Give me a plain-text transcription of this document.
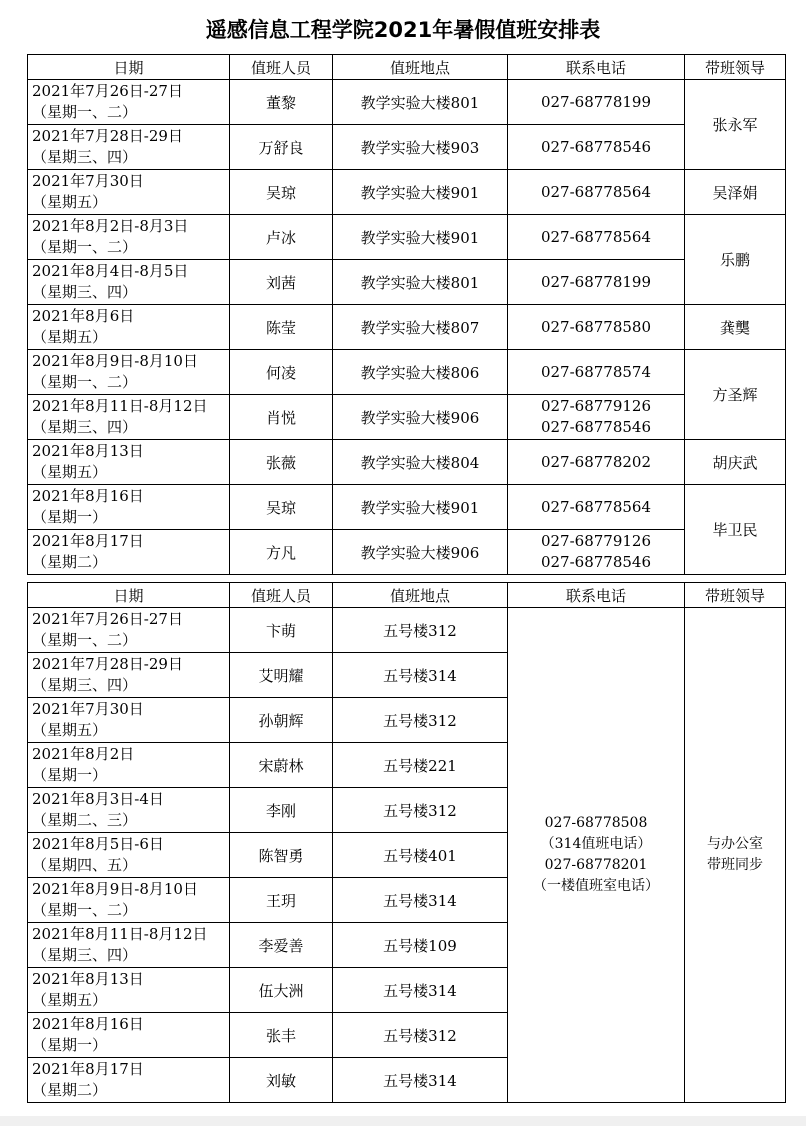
遥感信息工程学院2021年暑假值班安排表
日期	值班人员	值班地点	联系电话	带班领导

2021年7月26日-27日
（星期一、二）	董黎	教学实验大楼801	027-68778199	张永军

2021年7月28日-29日
（星期三、四）	万舒良	教学实验大楼903	027-68778546	

2021年7月30日
（星期五）	吴琼	教学实验大楼901	027-68778564	吴泽娟

2021年8月2日-8月3日
（星期一、二）	卢冰	教学实验大楼901	027-68778564	乐鹏

2021年8月4日-8月5日
（星期三、四）	刘茜	教学实验大楼801	027-68778199	

2021年8月6日
（星期五）	陈莹	教学实验大楼807	027-68778580	龚龑

2021年8月9日-8月10日
（星期一、二）	何凌	教学实验大楼806	027-68778574	方圣辉

2021年8月11日-8月12日
（星期三、四）	肖悦	教学实验大楼906	027-68779126
027-68778546	

2021年8月13日
（星期五）	张薇	教学实验大楼804	027-68778202	胡庆武

2021年8月16日
（星期一）	吴琼	教学实验大楼901	027-68778564	毕卫民

2021年8月17日
（星期二）	方凡	教学实验大楼906	027-68779126
027-68778546	
日期	值班人员	值班地点	联系电话	带班领导

2021年7月26日-27日
（星期一、二）	卞萌	五号楼312	027-68778508
（314值班电话）
027-68778201
（一楼值班室电话）	与办公室
带班同步

2021年7月28日-29日
（星期三、四）	艾明耀	五号楼314		

2021年7月30日
（星期五）	孙朝辉	五号楼312		

2021年8月2日
（星期一）	宋蔚林	五号楼221		

2021年8月3日-4日
（星期二、三）	李刚	五号楼312		

2021年8月5日-6日
（星期四、五）	陈智勇	五号楼401		

2021年8月9日-8月10日
（星期一、二）	王玥	五号楼314		

2021年8月11日-8月12日
（星期三、四）	李爱善	五号楼109		

2021年8月13日
（星期五）	伍大洲	五号楼314		

2021年8月16日
（星期一）	张丰	五号楼312		

2021年8月17日
（星期二）	刘敏	五号楼314		
